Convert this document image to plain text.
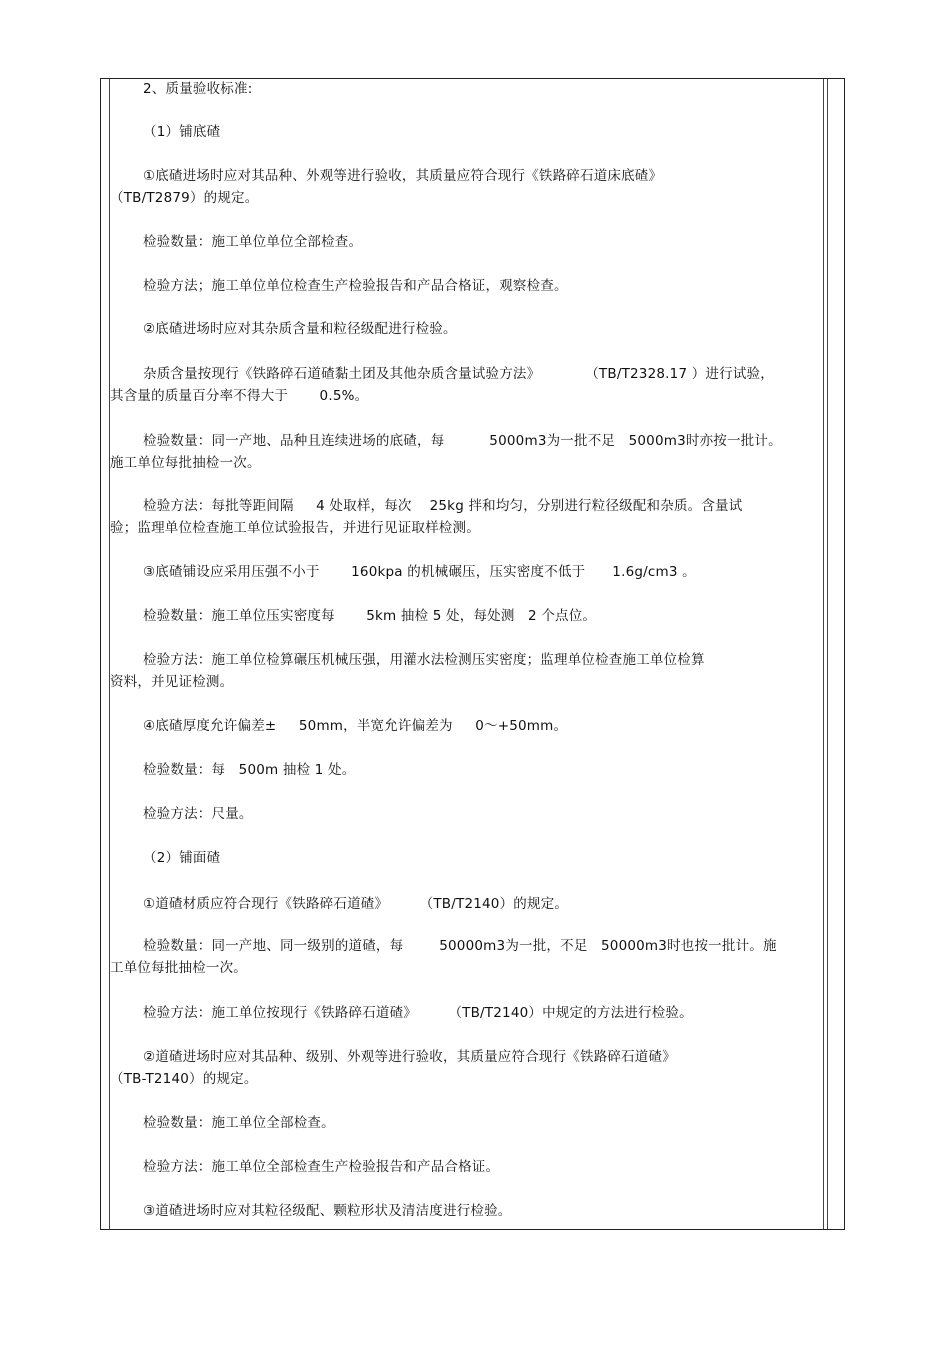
2、质量验收标准:
（1）铺底碴
①底碴进场时应对其品种、外观等进行验收，其质量应符合现行《铁路碎石道床底碴》
（TB/T2879）的规定。
检验数量：施工单位单位全部检查。
检验方法；施工单位单位检查生产检验报告和产品合格证，观察检查。
②底碴进场时应对其杂质含量和粒径级配进行检验。
杂质含量按现行《铁路碎石道碴黏土团及其他杂质含量试验方法》          （TB/T2328.17 ）进行试验，
其含量的质量百分率不得大于       0.5%。
检验数量：同一产地、品种且连续进场的底碴，每          5000m3为一批不足   5000m3时亦按一批计。
施工单位每批抽检一次。
检验方法：每批等距间隔     4 处取样，每次    25kg 拌和均匀，分别进行粒径级配和杂质。含量试
验；监理单位检查施工单位试验报告，并进行见证取样检测。
③底碴铺设应采用压强不小于       160kpa 的机械碾压，压实密度不低于      1.6g/cm3 。
检验数量：施工单位压实密度每       5km 抽检 5 处，每处测   2 个点位。
检验方法：施工单位检算碾压机械压强，用灌水法检测压实密度；监理单位检查施工单位检算
资料，并见证检测。
④底碴厚度允许偏差±     50mm，半宽允许偏差为     0～+50mm。
检验数量：每   500m 抽检 1 处。
检验方法：尺量。
（2）铺面碴
①道碴材质应符合现行《铁路碎石道碴》       （TB/T2140）的规定。
检验数量：同一产地、同一级别的道碴，每        50000m3为一批，不足   50000m3时也按一批计。施
工单位每批抽检一次。
检验方法：施工单位按现行《铁路碎石道碴》       （TB/T2140）中规定的方法进行检验。
②道碴进场时应对其品种、级别、外观等进行验收，其质量应符合现行《铁路碎石道碴》
（TB-T2140）的规定。
检验数量：施工单位全部检查。
检验方法：施工单位全部检查生产检验报告和产品合格证。
③道碴进场时应对其粒径级配、颗粒形状及清洁度进行检验。
